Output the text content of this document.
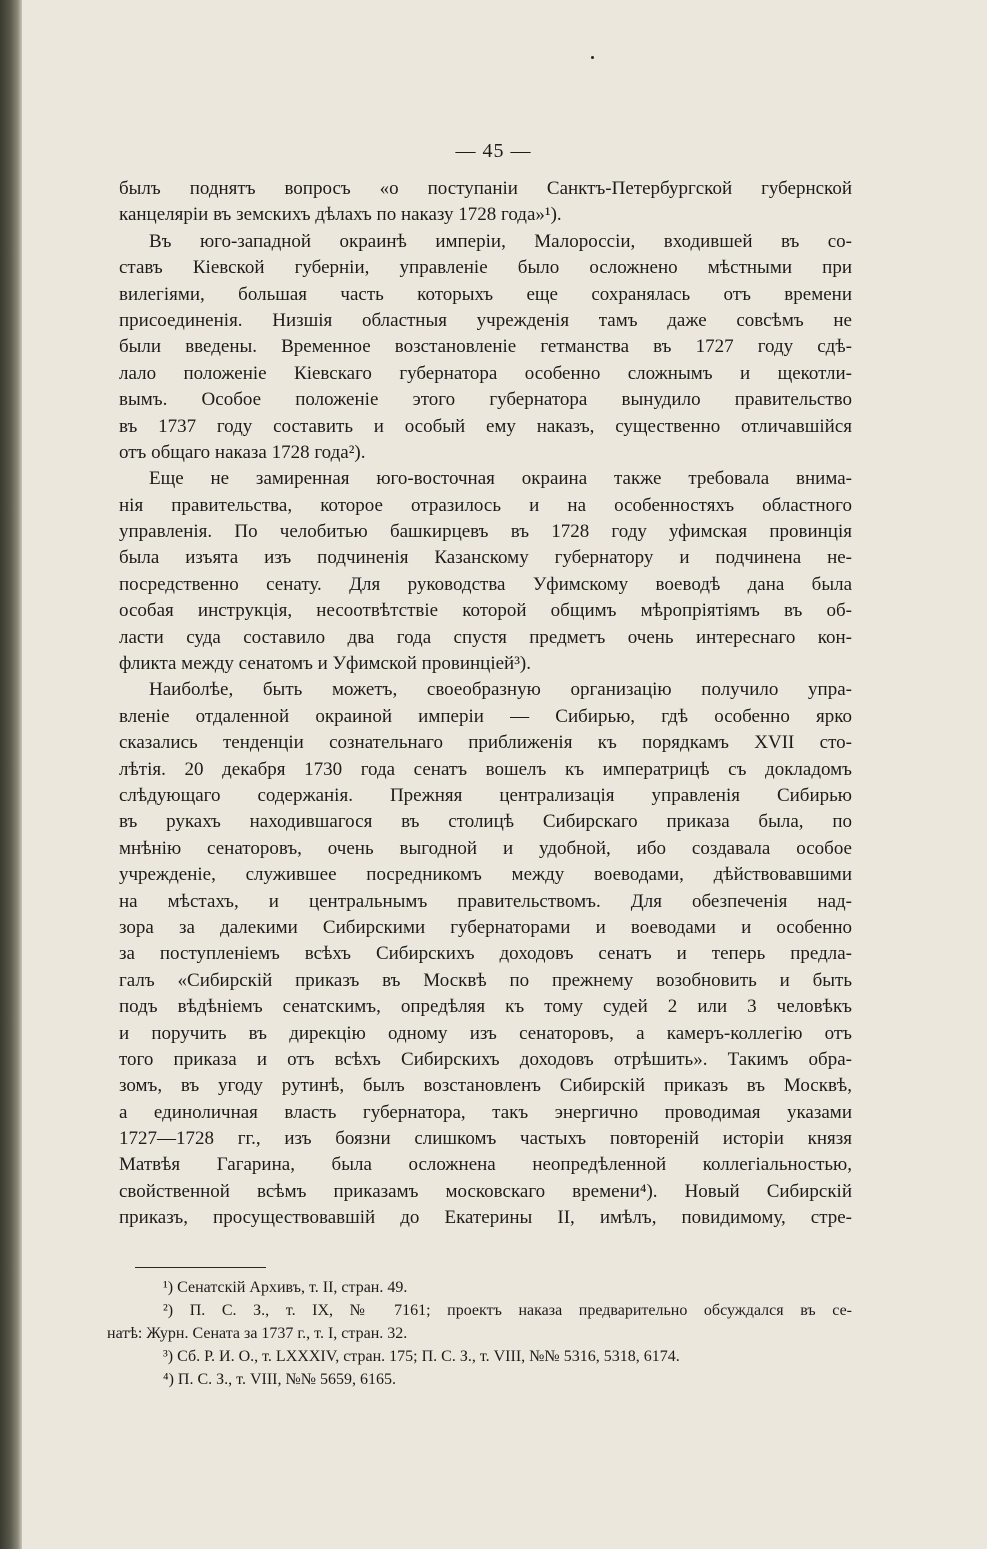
— 45 —
былъ поднятъ вопросъ «о поступаніи Санктъ-Петербургской губернской
канцеляріи въ земскихъ дѣлахъ по наказу 1728 года»¹).
Въ юго-западной окраинѣ имперіи, Малороссіи, входившей въ со-
ставъ Кіевской губерніи, управленіе было осложнено мѣстными при
вилегіями, большая часть которыхъ еще сохранялась отъ времени
присоединенія. Низшія областныя учрежденія тамъ даже совсѣмъ не
были введены. Временное возстановленіе гетманства въ 1727 году сдѣ-
лало положеніе Кіевскаго губернатора особенно сложнымъ и щекотли-
вымъ. Особое положеніе этого губернатора вынудило правительство
въ 1737 году составить и особый ему наказъ, существенно отличавшійся
отъ общаго наказа 1728 года²).
Еще не замиренная юго-восточная окраина также требовала внима-
нія правительства, которое отразилось и на особенностяхъ областного
управленія. По челобитью башкирцевъ въ 1728 году уфимская провинція
была изъята изъ подчиненія Казанскому губернатору и подчинена не-
посредственно сенату. Для руководства Уфимскому воеводѣ дана была
особая инструкція, несоотвѣтствіе которой общимъ мѣропріятіямъ въ об-
ласти суда составило два года спустя предметъ очень интереснаго кон-
фликта между сенатомъ и Уфимской провинціей³).
Наиболѣе, быть можетъ, своеобразную организацію получило упра-
вленіе отдаленной окраиной имперіи — Сибирью, гдѣ особенно ярко
сказались тенденціи сознательнаго приближенія къ порядкамъ XVII сто-
лѣтія. 20 декабря 1730 года сенатъ вошелъ къ императрицѣ съ докладомъ
слѣдующаго содержанія. Прежняя централизація управленія Сибирью
въ рукахъ находившагося въ столицѣ Сибирскаго приказа была, по
мнѣнію сенаторовъ, очень выгодной и удобной, ибо создавала особое
учрежденіе, служившее посредникомъ между воеводами, дѣйствовавшими
на мѣстахъ, и центральнымъ правительствомъ. Для обезпеченія над-
зора за далекими Сибирскими губернаторами и воеводами и особенно
за поступленіемъ всѣхъ Сибирскихъ доходовъ сенатъ и теперь предла-
галъ «Сибирскій приказъ въ Москвѣ по прежнему возобновить и быть
подъ вѣдѣніемъ сенатскимъ, опредѣляя къ тому судей 2 или 3 человѣкъ
и поручить въ дирекцію одному изъ сенаторовъ, а камеръ-коллегію отъ
того приказа и отъ всѣхъ Сибирскихъ доходовъ отрѣшить». Такимъ обра-
зомъ, въ угоду рутинѣ, былъ возстановленъ Сибирскій приказъ въ Москвѣ,
а единоличная власть губернатора, такъ энергично проводимая указами
1727—1728 гг., изъ боязни слишкомъ частыхъ повтореній исторіи князя
Матвѣя Гагарина, была осложнена неопредѣленной коллегіальностью,
свойственной всѣмъ приказамъ московскаго времени⁴). Новый Сибирскій
приказъ, просуществовавшій до Екатерины II, имѣлъ, повидимому, стре-
¹) Сенатскій Архивъ, т. II, стран. 49.
²) П. С. З., т. IX, № 7161; проектъ наказа предварительно обсуждался въ се-
натѣ: Журн. Сената за 1737 г., т. I, стран. 32.
³) Сб. Р. И. О., т. LXXXIV, стран. 175; П. С. З., т. VIII, №№ 5316, 5318, 6174.
⁴) П. С. З., т. VIII, №№ 5659, 6165.
